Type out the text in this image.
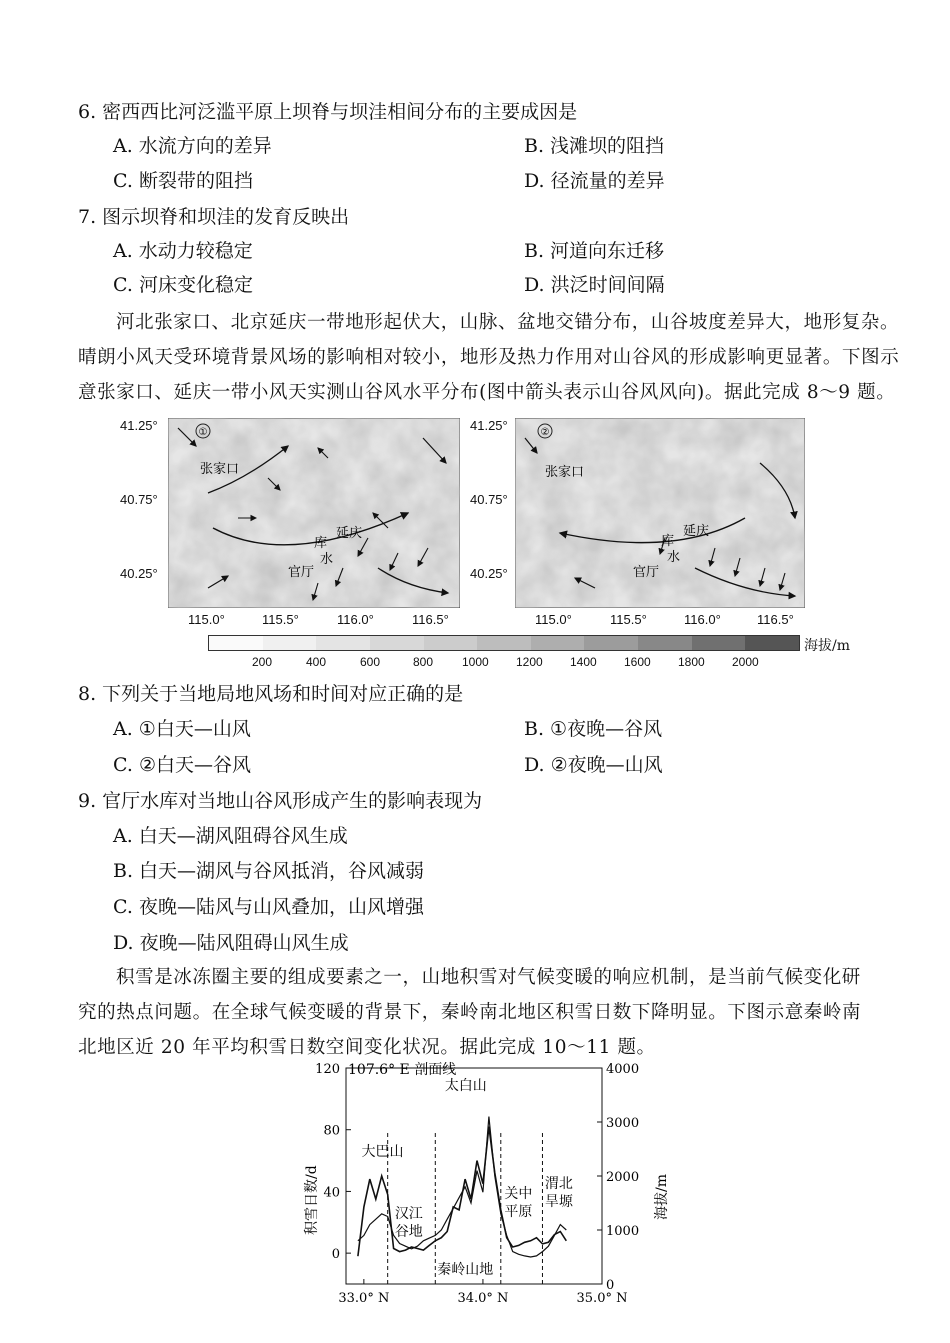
6. 密西西比河泛滥平原上坝脊与坝洼相间分布的主要成因是
A. 水流方向的差异	B. 浅滩坝的阻挡
C. 断裂带的阻挡	D. 径流量的差异
7. 图示坝脊和坝洼的发育反映出
A. 水动力较稳定	B. 河道向东迁移
C. 河床变化稳定	D. 洪泛时间间隔
河北张家口、北京延庆一带地形起伏大，山脉、盆地交错分布，山谷坡度差异大，地形复杂。
晴朗小风天受环境背景风场的影响相对较小，地形及热力作用对山谷风的形成影响更显著。下图示
意张家口、延庆一带小风天实测山谷风水平分布(图中箭头表示山谷风风向)。据此完成 8～9 题。
①
张家口
延庆
库
水
官厅
②
张家口
延庆
库
水
官厅
41.25°
40.75°
40.25°
41.25°
40.75°
40.25°
115.0°	115.5°	116.0°	116.5°	115.0°	115.5°	116.0°	116.5°
200	400	600	800 1000 1200 1400 1600 1800 2000
海拔/m
8. 下列关于当地局地风场和时间对应正确的是
A. ①白天—山风	B. ①夜晚—谷风
C. ②白天—谷风	D. ②夜晚—山风
9. 官厅水库对当地山谷风形成产生的影响表现为
A. 白天—湖风阻碍谷风生成
B. 白天—湖风与谷风抵消，谷风减弱
C. 夜晚—陆风与山风叠加，山风增强
D. 夜晚—陆风阻碍山风生成
积雪是冰冻圈主要的组成要素之一，山地积雪对气候变暖的响应机制，是当前气候变化研
究的热点问题。在全球气候变暖的背景下，秦岭南北地区积雪日数下降明显。下图示意秦岭南
北地区近 20 年平均积雪日数空间变化状况。据此完成 10～11 题。
0
40
80
120
0
1000
2000
3000
4000
33.0° N	34.0° N	35.0° N
大巴山
汉江
谷地
太白山
秦岭山地
关中
平原
渭北
旱塬
107.6° E 剖面线
积雪日数/d	海拔/m
